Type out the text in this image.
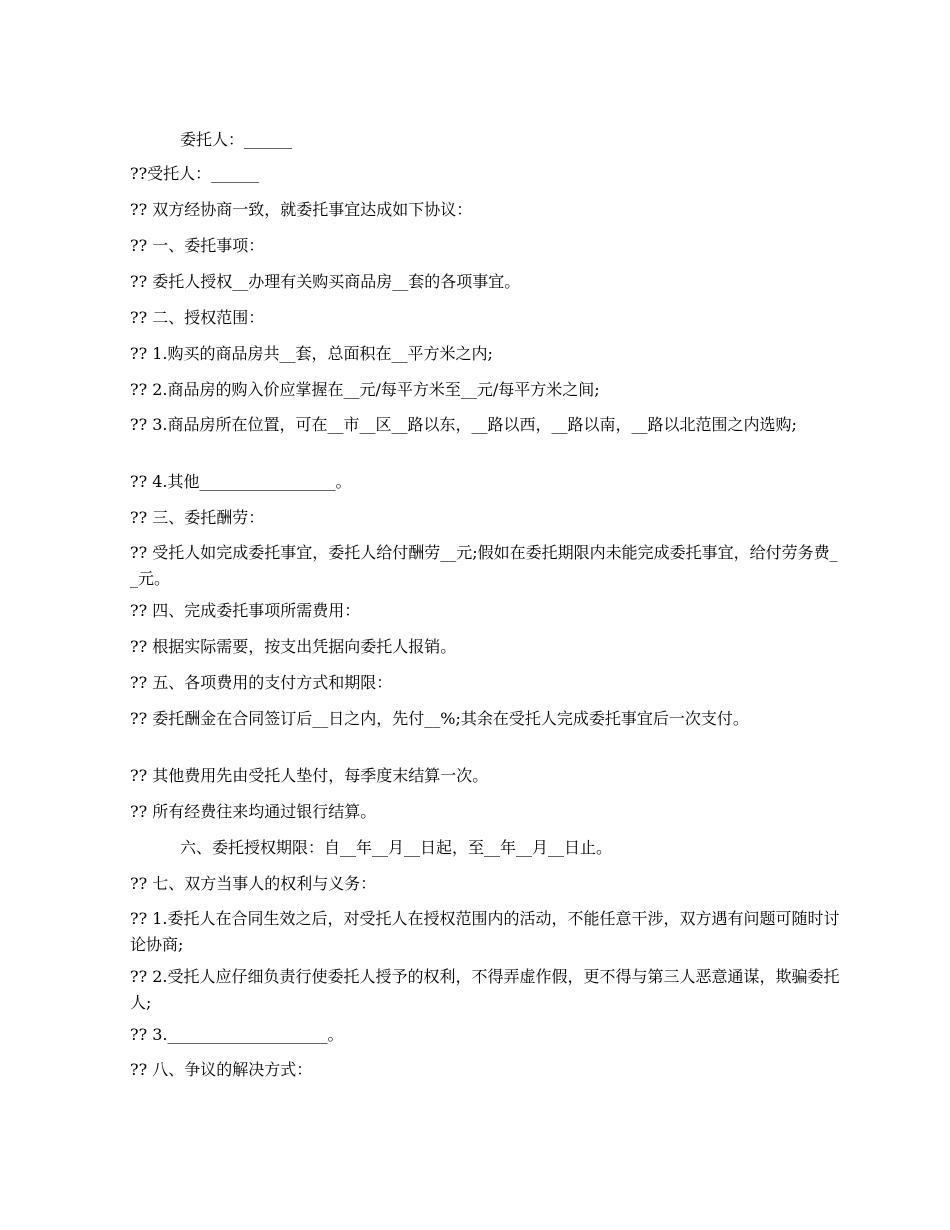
委托人：______

??受托人：______

?? 双方经协商一致，就委托事宜达成如下协议：

?? 一、委托事项：

?? 委托人授权__办理有关购买商品房__套的各项事宜。

?? 二、授权范围：

?? 1.购买的商品房共__套，总面积在__平方米之内;

?? 2.商品房的购入价应掌握在__元/每平方米至__元/每平方米之间;

?? 3.商品房所在位置，可在__市__区__路以东，__路以西，__路以南，__路以北范围之内选购;

?? 4.其他_________________。

?? 三、委托酬劳：

?? 受托人如完成委托事宜，委托人给付酬劳__元;假如在委托期限内未能完成委托事宜，给付劳务费__元。

?? 四、完成委托事项所需费用：

?? 根据实际需要，按支出凭据向委托人报销。

?? 五、各项费用的支付方式和期限：

?? 委托酬金在合同签订后__日之内，先付__%;其余在受托人完成委托事宜后一次支付。

?? 其他费用先由受托人垫付，每季度末结算一次。

?? 所有经费往来均通过银行结算。

六、委托授权期限：自__年__月__日起，至__年__月__日止。

?? 七、双方当事人的权利与义务：

?? 1.委托人在合同生效之后，对受托人在授权范围内的活动，不能任意干涉，双方遇有问题可随时讨论协商;

?? 2.受托人应仔细负责行使委托人授予的权利，不得弄虚作假，更不得与第三人恶意通谋，欺骗委托人;

?? 3.____________________。

?? 八、争议的解决方式：
